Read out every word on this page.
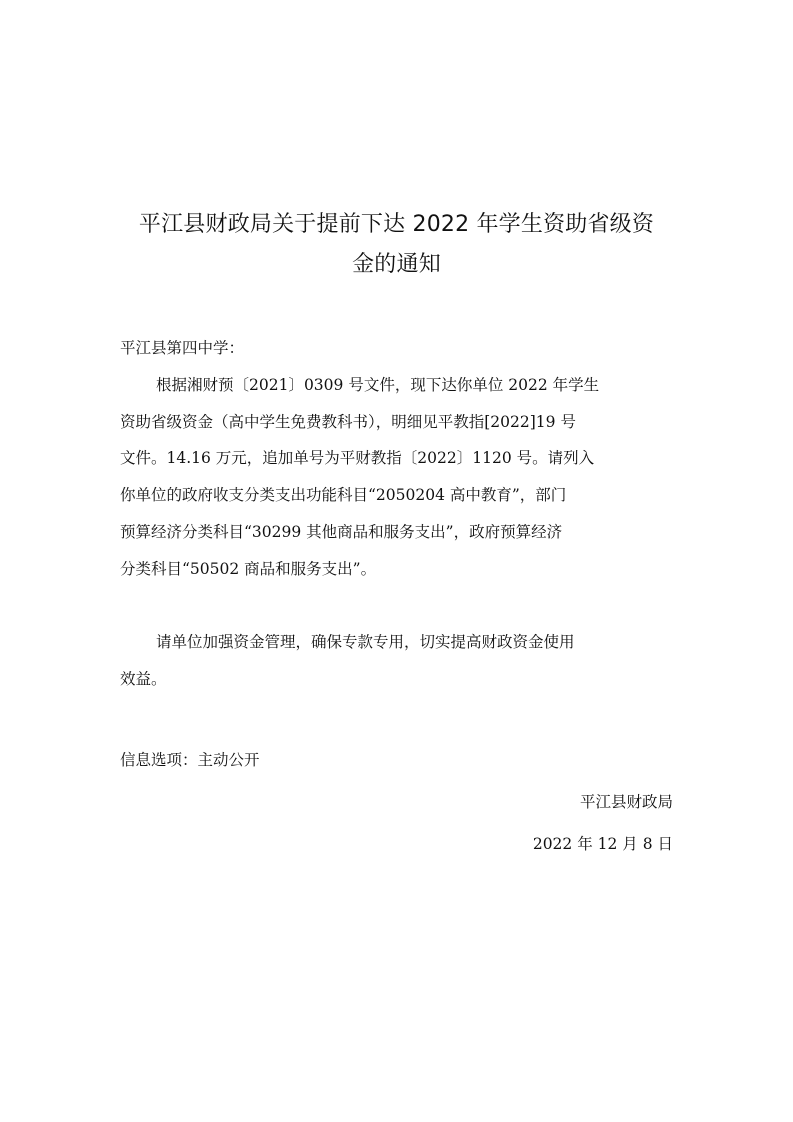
平江县财政局关于提前下达 2022 年学生资助省级资
金的通知
平江县第四中学：
根据湘财预〔2021〕0309 号文件，现下达你单位 2022 年学生
资助省级资金（高中学生免费教科书），明细见平教指[2022]19 号
文件。14.16 万元，追加单号为平财教指〔2022〕1120 号。请列入
你单位的政府收支分类支出功能科目“2050204 高中教育”，部门
预算经济分类科目“30299 其他商品和服务支出”，政府预算经济
分类科目“50502 商品和服务支出”。
请单位加强资金管理，确保专款专用，切实提高财政资金使用
效益。
信息选项：主动公开
平江县财政局
2022 年 12 月 8 日
